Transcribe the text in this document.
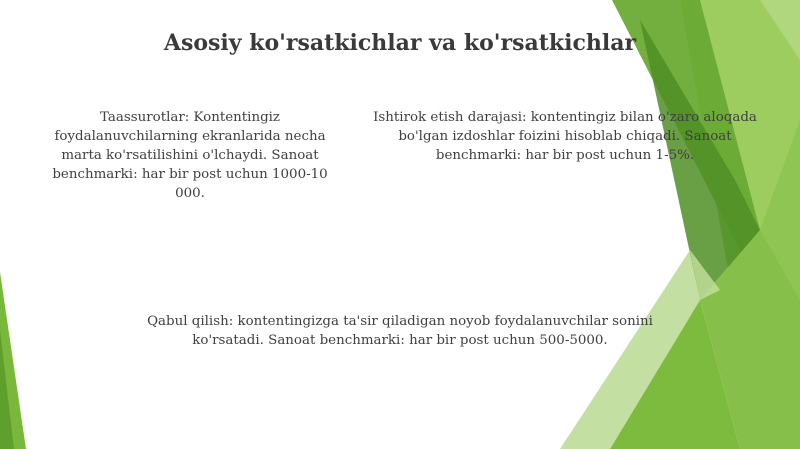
Asosiy ko'rsatkichlar va ko'rsatkichlar
Taassurotlar: Kontentingiz foydalanuvchilarning ekranlarida necha marta ko'rsatilishini o'lchaydi. Sanoat benchmarki: har bir post uchun 1000-10 000.
Ishtirok etish darajasi: kontentingiz bilan o'zaro aloqada bo'lgan izdoshlar foizini hisoblab chiqadi. Sanoat benchmarki: har bir post uchun 1-5%.
Qabul qilish: kontentingizga ta'sir qiladigan noyob foydalanuvchilar sonini ko'rsatadi. Sanoat benchmarki: har bir post uchun 500-5000.
